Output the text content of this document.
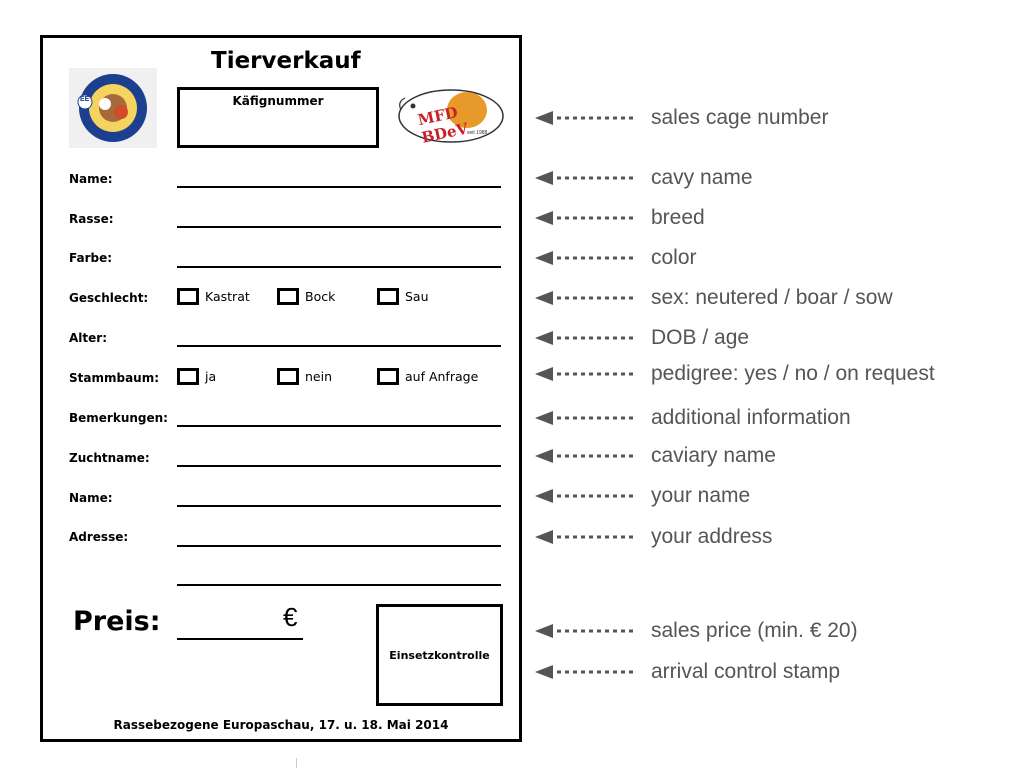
Tierverkauf
EE	Käfignummer
MFD BDeV
seit 1988
Name:
Rasse:
Farbe:
Geschlecht:	Kastrat	Bock	Sau
Alter:
Stammbaum:	ja	nein	auf Anfrage
Bemerkungen:
Zuchtname:
Name:
Adresse:
Preis:	€
Einsetzkontrolle
Rassebezogene Europaschau, 17. u. 18. Mai 2014
sales cage number
cavy name
breed
color
sex: neutered / boar / sow
DOB / age
pedigree: yes / no / on request
additional information
caviary name
your name
your address
sales price (min. € 20)
arrival control stamp
